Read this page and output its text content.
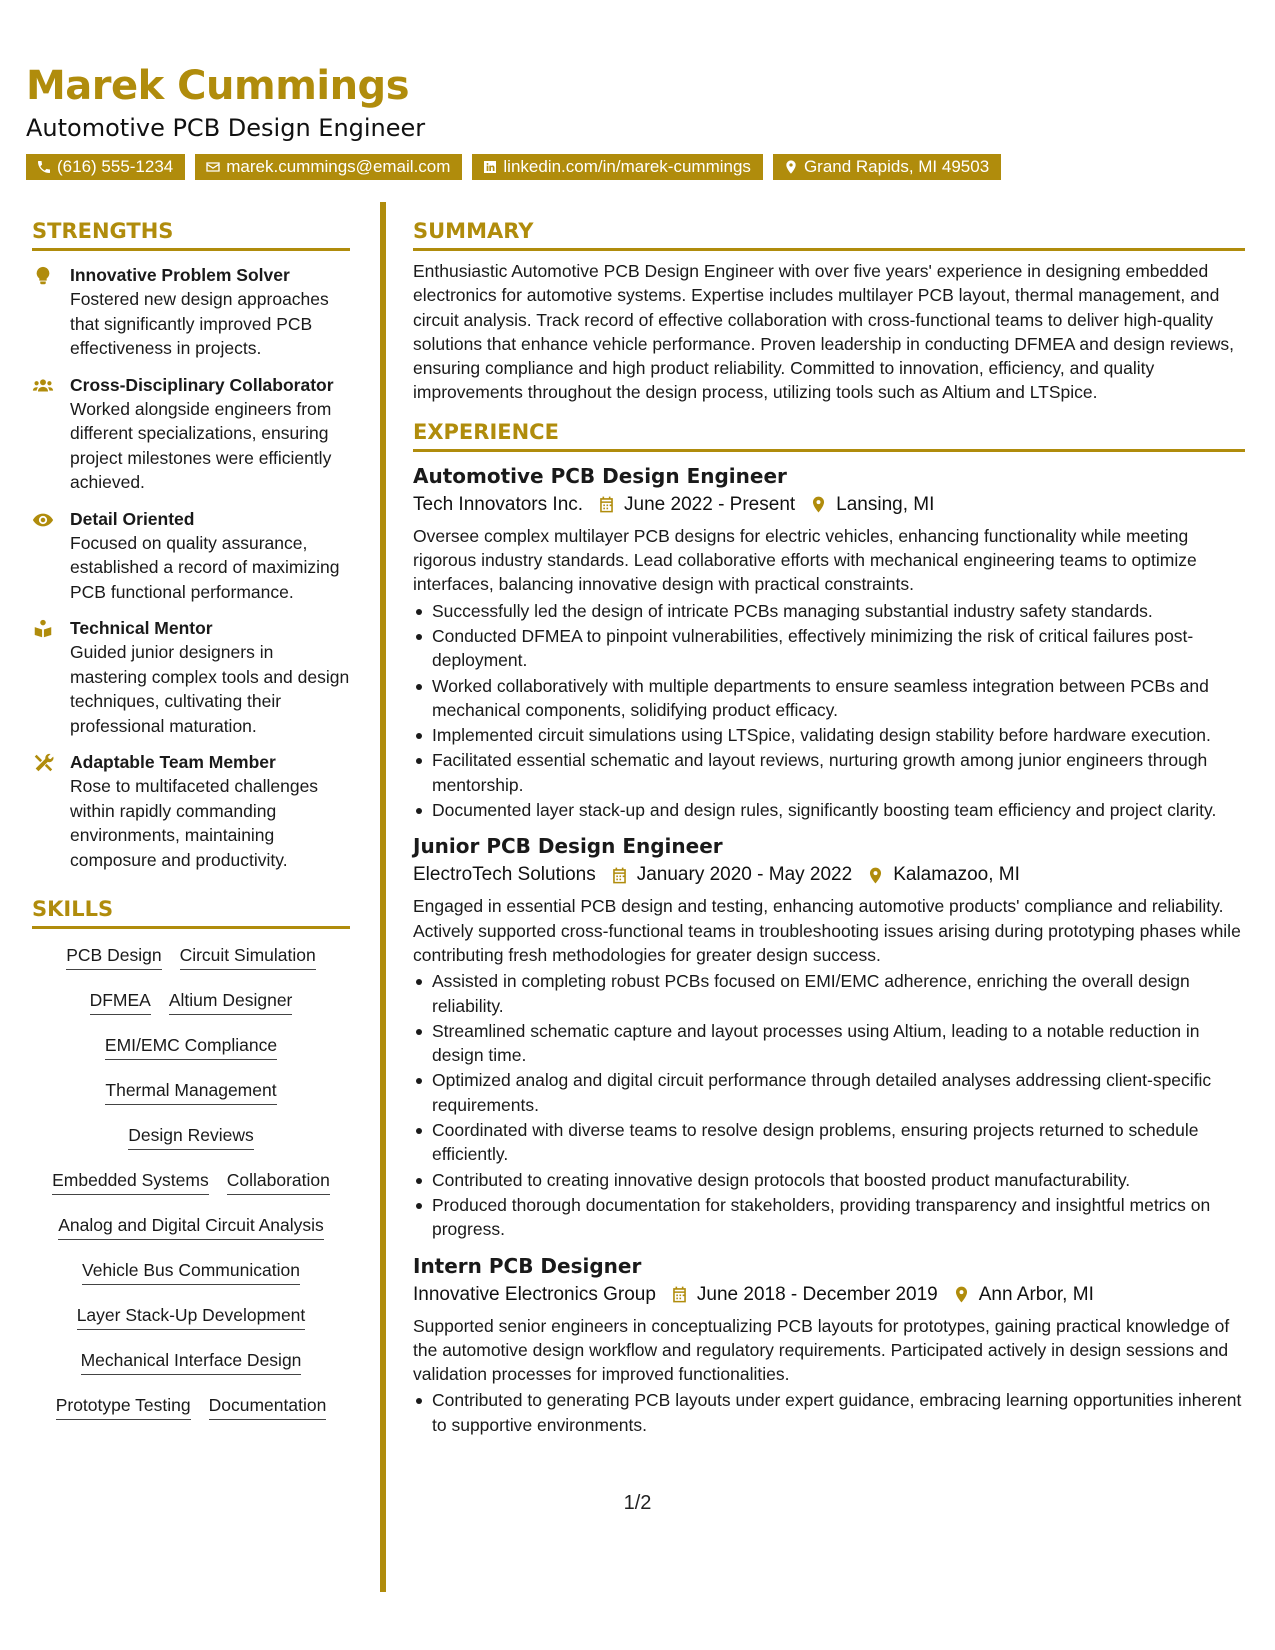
Marek Cummings
Automotive PCB Design Engineer
(616) 555-1234	marek.cummings@email.com	linkedin.com/in/marek-cummings	Grand Rapids, MI 49503
STRENGTHS
Innovative Problem Solver
Fostered new design approaches that significantly improved PCB effectiveness in projects.
Cross-Disciplinary Collaborator
Worked alongside engineers from different specializations, ensuring project milestones were efficiently achieved.
Detail Oriented
Focused on quality assurance, established a record of maximizing PCB functional performance.
Technical Mentor
Guided junior designers in mastering complex tools and design techniques, cultivating their professional maturation.
Adaptable Team Member
Rose to multifaceted challenges within rapidly commanding environments, maintaining composure and productivity.
SKILLS
PCB Design Circuit Simulation
DFMEA Altium Designer
EMI/EMC Compliance
Thermal Management
Design Reviews
Embedded Systems Collaboration
Analog and Digital Circuit Analysis
Vehicle Bus Communication
Layer Stack-Up Development
Mechanical Interface Design
Prototype Testing Documentation
SUMMARY
Enthusiastic Automotive PCB Design Engineer with over five years' experience in designing embedded electronics for automotive systems. Expertise includes multilayer PCB layout, thermal management, and circuit analysis. Track record of effective collaboration with cross-functional teams to deliver high-quality solutions that enhance vehicle performance. Proven leadership in conducting DFMEA and design reviews, ensuring compliance and high product reliability. Committed to innovation, efficiency, and quality improvements throughout the design process, utilizing tools such as Altium and LTSpice.
EXPERIENCE
Automotive PCB Design Engineer
Tech Innovators Inc. June 2022 - Present Lansing, MI
Oversee complex multilayer PCB designs for electric vehicles, enhancing functionality while meeting rigorous industry standards. Lead collaborative efforts with mechanical engineering teams to optimize interfaces, balancing innovative design with practical constraints.
Successfully led the design of intricate PCBs managing substantial industry safety standards.
Conducted DFMEA to pinpoint vulnerabilities, effectively minimizing the risk of critical failures post-deployment.
Worked collaboratively with multiple departments to ensure seamless integration between PCBs and mechanical components, solidifying product efficacy.
Implemented circuit simulations using LTSpice, validating design stability before hardware execution.
Facilitated essential schematic and layout reviews, nurturing growth among junior engineers through mentorship.
Documented layer stack-up and design rules, significantly boosting team efficiency and project clarity.
Junior PCB Design Engineer
ElectroTech Solutions January 2020 - May 2022 Kalamazoo, MI
Engaged in essential PCB design and testing, enhancing automotive products' compliance and reliability. Actively supported cross-functional teams in troubleshooting issues arising during prototyping phases while contributing fresh methodologies for greater design success.
Assisted in completing robust PCBs focused on EMI/EMC adherence, enriching the overall design reliability.
Streamlined schematic capture and layout processes using Altium, leading to a notable reduction in design time.
Optimized analog and digital circuit performance through detailed analyses addressing client-specific requirements.
Coordinated with diverse teams to resolve design problems, ensuring projects returned to schedule efficiently.
Contributed to creating innovative design protocols that boosted product manufacturability.
Produced thorough documentation for stakeholders, providing transparency and insightful metrics on progress.
Intern PCB Designer
Innovative Electronics Group June 2018 - December 2019 Ann Arbor, MI
Supported senior engineers in conceptualizing PCB layouts for prototypes, gaining practical knowledge of the automotive design workflow and regulatory requirements. Participated actively in design sessions and validation processes for improved functionalities.
Contributed to generating PCB layouts under expert guidance, embracing learning opportunities inherent to supportive environments.
1/2
